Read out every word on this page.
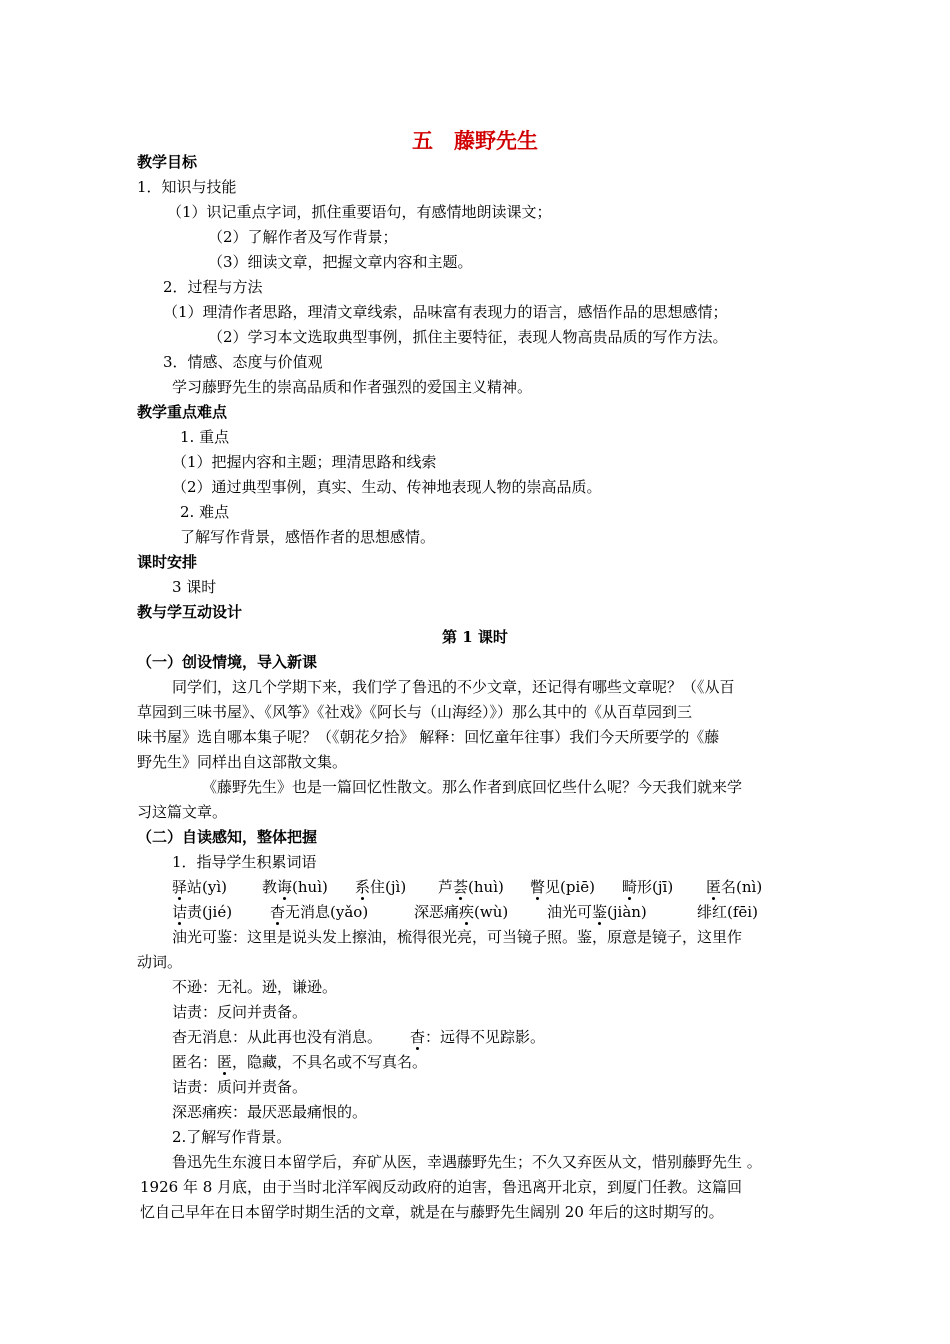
五　藤野先生
教学目标
1．知识与技能
（1）识记重点字词，抓住重要语句，有感情地朗读课文；
（2）了解作者及写作背景；
（3）细读文章，把握文章内容和主题。
2．过程与方法
（1）理清作者思路，理清文章线索，品味富有表现力的语言，感悟作品的思想感情；
（2）学习本文选取典型事例，抓住主要特征，表现人物高贵品质的写作方法。
3．情感、态度与价值观
学习藤野先生的崇高品质和作者强烈的爱国主义精神。
教学重点难点
1. 重点
（1）把握内容和主题；理清思路和线索
（2）通过典型事例，真实、生动、传神地表现人物的崇高品质。
2. 难点
了解写作背景，感悟作者的思想感情。
课时安排
3 课时
教与学互动设计
第 1 课时
（一）创设情境，导入新课
同学们，这几个学期下来，我们学了鲁迅的不少文章，还记得有哪些文章呢？（《从百
草园到三味书屋》、《风筝》《社戏》《阿长与（山海经）》）那么其中的《从百草园到三
味书屋》选自哪本集子呢？（《朝花夕拾》 解释：回忆童年往事）我们今天所要学的《藤
野先生》同样出自这部散文集。
《藤野先生》也是一篇回忆性散文。那么作者到底回忆些什么呢？今天我们就来学
习这篇文章。
（二）自读感知，整体把握
1．指导学生积累词语
驿站(yì) 教诲(huì) 系住(jì) 芦荟(huì) 瞥见(piē) 畸形(jī) 匿名(nì)
诘责(jié)	杳无消息(yǎo)	深恶痛疾(wù)	油光可鉴(jiàn)	绯红(fēi)
油光可鉴：这里是说头发上擦油，梳得很光亮，可当镜子照。鉴，原意是镜子，这里作
动词。
不逊：无礼。逊，谦逊。
诘责：反问并责备。
杳无消息：从此再也没有消息。 杳：远得不见踪影。
匿名：匿，隐藏，不具名或不写真名。
诘责：质问并责备。
深恶痛疾：最厌恶最痛恨的。
2.了解写作背景。
鲁迅先生东渡日本留学后，弃矿从医，幸遇藤野先生；不久又弃医从文，惜别藤野先生 。
1926 年 8 月底，由于当时北洋军阀反动政府的迫害，鲁迅离开北京，到厦门任教。这篇回
忆自己早年在日本留学时期生活的文章，就是在与藤野先生阔别 20 年后的这时期写的。
